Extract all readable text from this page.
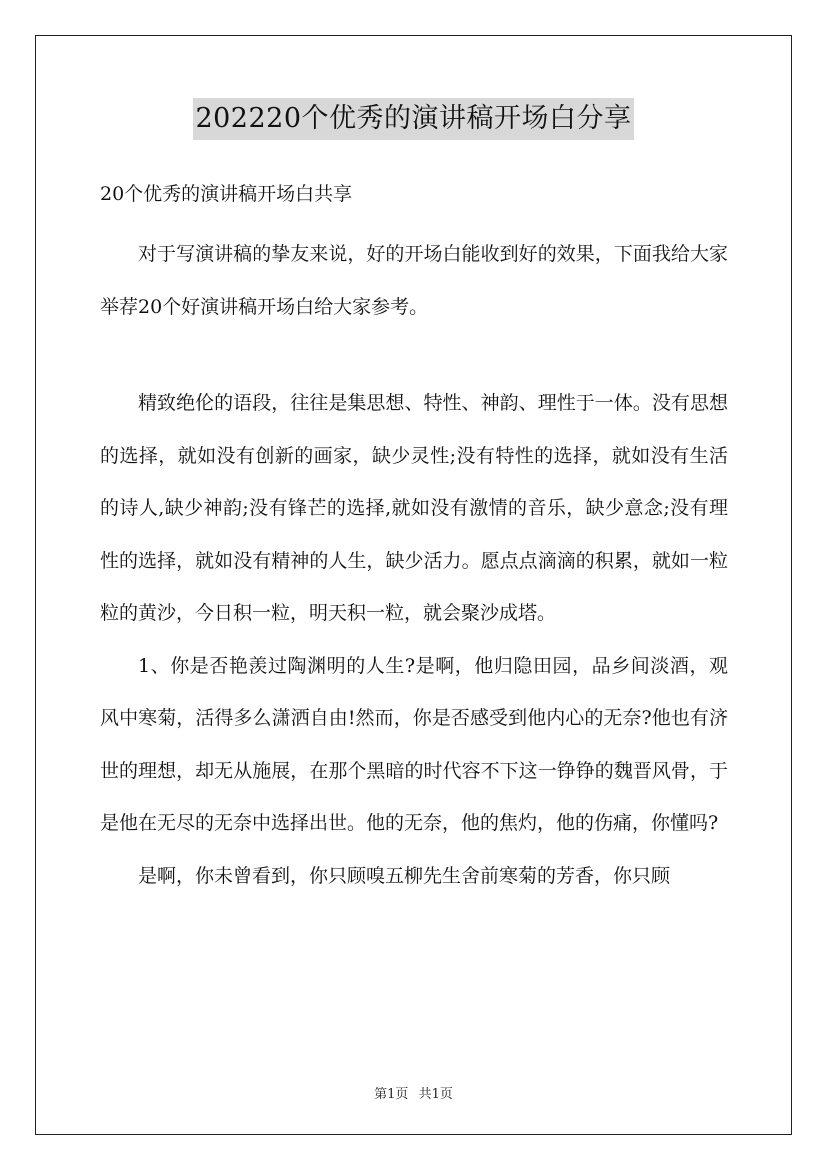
202220个优秀的演讲稿开场白分享
20个优秀的演讲稿开场白共享

对于写演讲稿的挚友来说，好的开场白能收到好的效果，下面我给大家举荐20个好演讲稿开场白给大家参考。

精致绝伦的语段，往往是集思想、特性、神韵、理性于一体。没有思想的选择，就如没有创新的画家，缺少灵性;没有特性的选择，就如没有生活的诗人,缺少神韵;没有锋芒的选择,就如没有激情的音乐，缺少意念;没有理性的选择，就如没有精神的人生，缺少活力。愿点点滴滴的积累，就如一粒粒的黄沙，今日积一粒，明天积一粒，就会聚沙成塔。

1、你是否艳羡过陶渊明的人生?是啊，他归隐田园，品乡间淡酒，观风中寒菊，活得多么潇洒自由!然而，你是否感受到他内心的无奈?他也有济世的理想，却无从施展，在那个黑暗的时代容不下这一铮铮的魏晋风骨，于是他在无尽的无奈中选择出世。他的无奈，他的焦灼，他的伤痛，你懂吗?

是啊，你未曾看到，你只顾嗅五柳先生舍前寒菊的芳香，你只顾

第1页 共1页
